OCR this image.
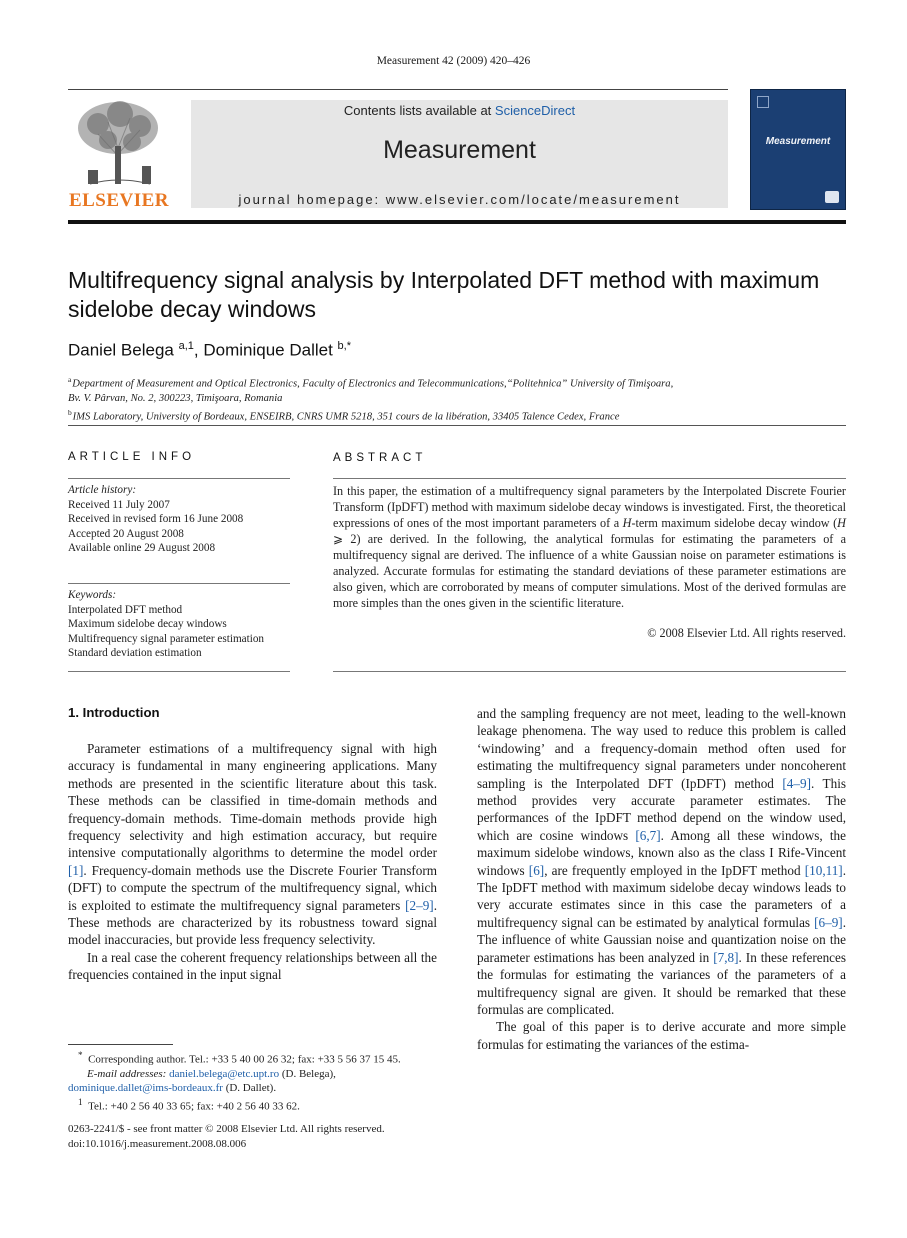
Measurement 42 (2009) 420–426
ELSEVIER
Contents lists available at ScienceDirect
Measurement
journal homepage: www.elsevier.com/locate/measurement
Measurement
Multifrequency signal analysis by Interpolated DFT method with maximum sidelobe decay windows
Daniel Belega $^{a,1}$, Dominique Dallet $^{b,*}$
$^a$ Department of Measurement and Optical Electronics, Faculty of Electronics and Telecommunications,“Politehnica” University of Timişoara,
Bv. V. Pârvan, No. 2, 300223, Timişoara, Romania
$^b$ IMS Laboratory, University of Bordeaux, ENSEIRB, CNRS UMR 5218, 351 cours de la libération, 33405 Talence Cedex, France
ARTICLE INFO	ABSTRACT
Article history:
Received 11 July 2007
Received in revised form 16 June 2008
Accepted 20 August 2008
Available online 29 August 2008
Keywords:
Interpolated DFT method
Maximum sidelobe decay windows
Multifrequency signal parameter estimation
Standard deviation estimation
In this paper, the estimation of a multifrequency signal parameters by the Interpolated Discrete Fourier Transform (IpDFT) method with maximum sidelobe decay windows is investigated. First, the theoretical expressions of ones of the most important parameters of a H-term maximum sidelobe decay window (H ⩾ 2) are derived. In the following, the analytical formulas for estimating the parameters of a multifrequency signal are derived. The influence of a white Gaussian noise on parameter estimations is analyzed. Accurate formulas for estimating the standard deviations of these parameter estimations are also given, which are corroborated by means of computer simulations. Most of the derived formulas are more simples than the ones given in the scientific literature.
© 2008 Elsevier Ltd. All rights reserved.
1. Introduction

Parameter estimations of a multifrequency signal with high accuracy is fundamental in many engineering applications. Many methods are presented in the scientific literature about this task. These methods can be classified in time-domain methods and frequency-domain methods. Time-domain methods provide high frequency selectivity and high estimation accuracy, but require intensive computationally algorithms to determine the model order [1]. Frequency-domain methods use the Discrete Fourier Transform (DFT) to compute the spectrum of the multifrequency signal, which is exploited to estimate the multifrequency signal parameters [2–9]. These methods are characterized by its robustness toward signal model inaccuracies, but provide less frequency selectivity.

In a real case the coherent frequency relationships between all the frequencies contained in the input signal

and the sampling frequency are not meet, leading to the well-known leakage phenomena. The way used to reduce this problem is called ‘windowing’ and a frequency-domain method often used for estimating the multifrequency signal parameters under noncoherent sampling is the Interpolated DFT (IpDFT) method [4–9]. This method provides very accurate parameter estimates. The performances of the IpDFT method depend on the window used, which are cosine windows [6,7]. Among all these windows, the maximum sidelobe windows, known also as the class I Rife-Vincent windows [6], are frequently employed in the IpDFT method [10,11]. The IpDFT method with maximum sidelobe decay windows leads to very accurate estimates since in this case the parameters of a multifrequency signal can be estimated by analytical formulas [6–9]. The influence of white Gaussian noise and quantization noise on the parameter estimations has been analyzed in [7,8]. In these references the formulas for estimating the variances of the parameters of a multifrequency signal are given. It should be remarked that these formulas are complicated.

The goal of this paper is to derive accurate and more simple formulas for estimating the variances of the estima-

* Corresponding author. Tel.: +33 5 40 00 26 32; fax: +33 5 56 37 15 45.
E-mail addresses: daniel.belega@etc.upt.ro (D. Belega), dominique.dallet@ims-bordeaux.fr (D. Dallet).
$^1$ Tel.: +40 2 56 40 33 65; fax: +40 2 56 40 33 62.
0263-2241/$ - see front matter © 2008 Elsevier Ltd. All rights reserved.
doi:10.1016/j.measurement.2008.08.006
